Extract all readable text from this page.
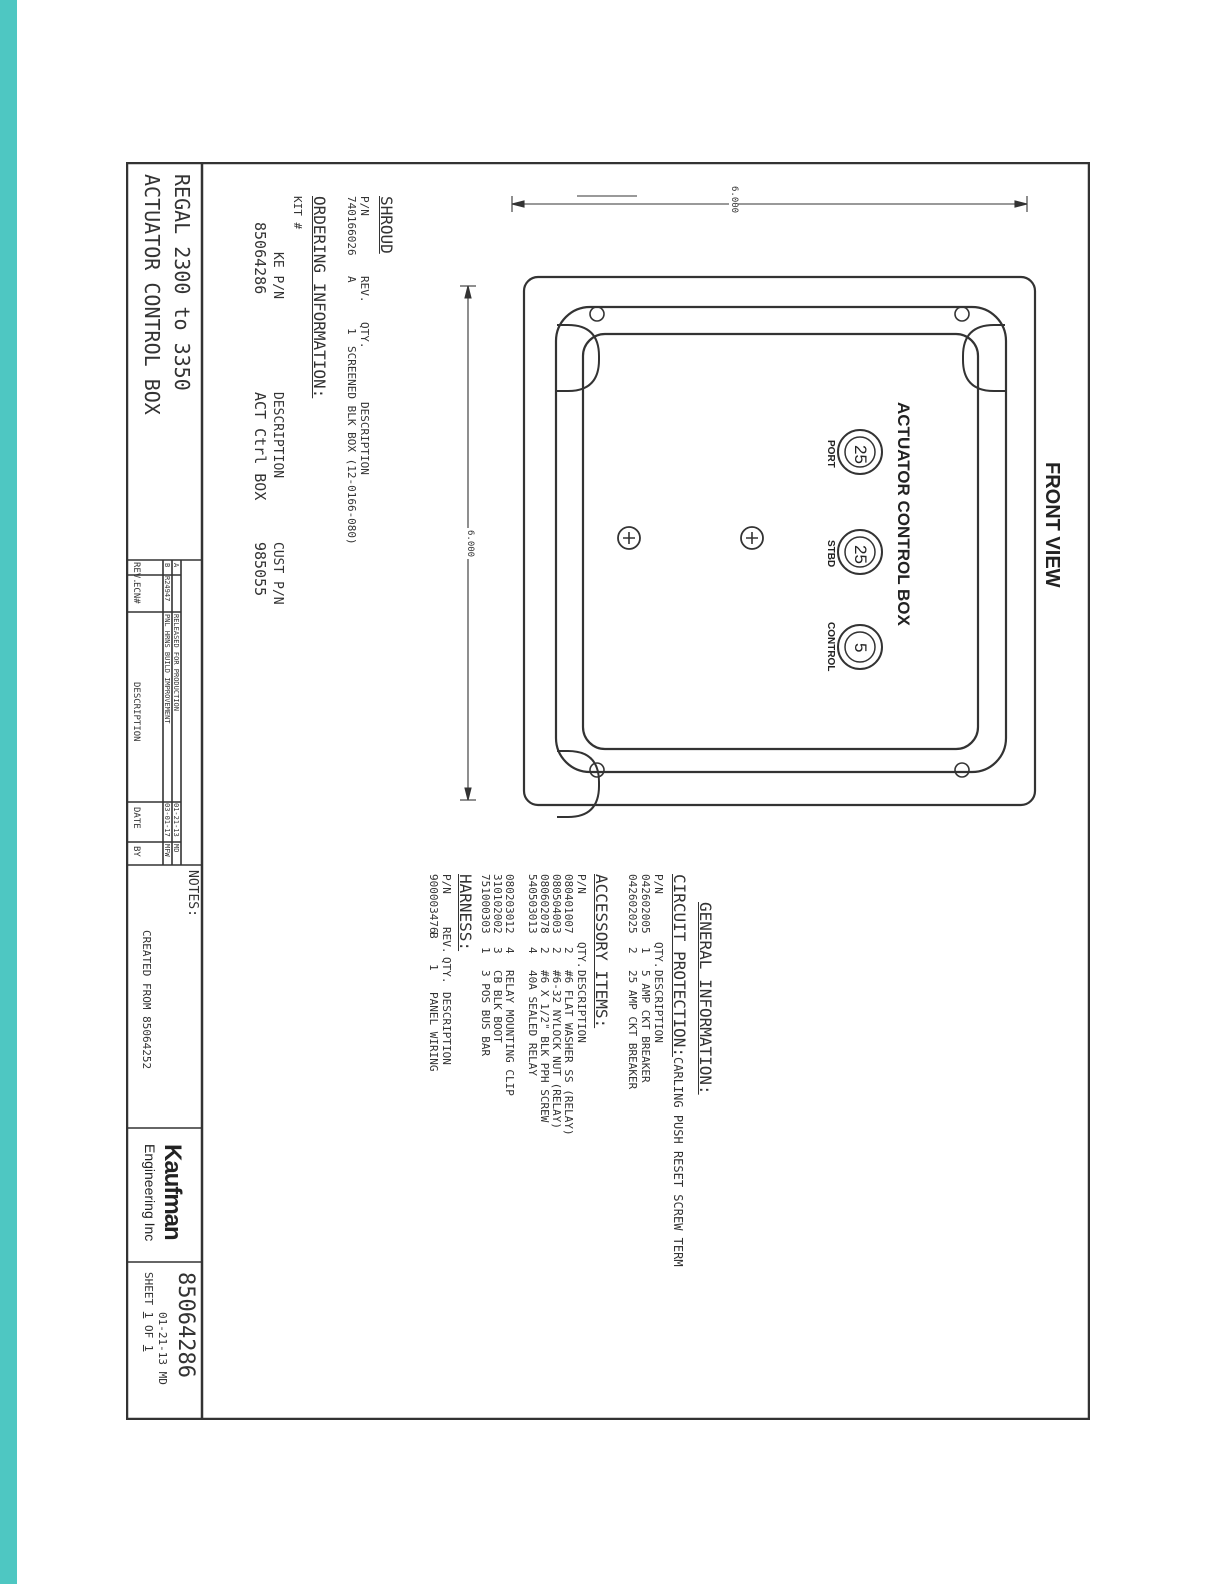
6.000
6.000	FRONT VIEW
ACTUATOR CONTROL BOX
25
PORT
25
STBD
5
CONTROL
GENERAL INFORMATION:
CIRCUIT PROTECTION:CARLING PUSH RESET SCREW TERM
P/N
QTY.
DESCRIPTION
042602005
1
5 AMP CKT BREAKER
042602025
2
25 AMP CKT BREAKER
ACCESSORY ITEMS:
P/N
QTY.
DESCRIPTION
080401007
2
#6 FLAT WASHER SS (RELAY)
080504003
2
#6-32 NYLOCK NUT (RELAY)
080602078
2
#6 X 1/2" BLK PPH SCREW
540503013
4
40A SEALED RELAY
080203012
4
RELAY MOUNTING CLIP
310102002
3
CB BLK BOOT
751000303
1
3 POS BUS BAR
HARNESS:
P/N
REV.
QTY.
DESCRIPTION
900003476
B
1
PANEL WIRING
SHROUD
P/N
REV.
QTY.
DESCRIPTION
740166026
A
1
SCREENED BLK BOX (12-0166-080)
ORDERING INFORMATION:
KIT #
KE P/N
DESCRIPTION
CUST P/N
85064286
ACT Ctrl BOX
985055
REGAL 2300 to 3350
ACTUATOR CONTROL BOX
A
RELEASED FOR PRODUCTION
01-21-13
MD
B
R24947
PNL HRNS BUILD IMPROVEMENT
03-01-17
MFW
REV.
ECN#
DESCRIPTION
DATE
BY
NOTES:
CREATED FROM 85064252
Kaufman
Engineering Inc
85064286
01-21-13 MD
SHEET 1 OF 1
